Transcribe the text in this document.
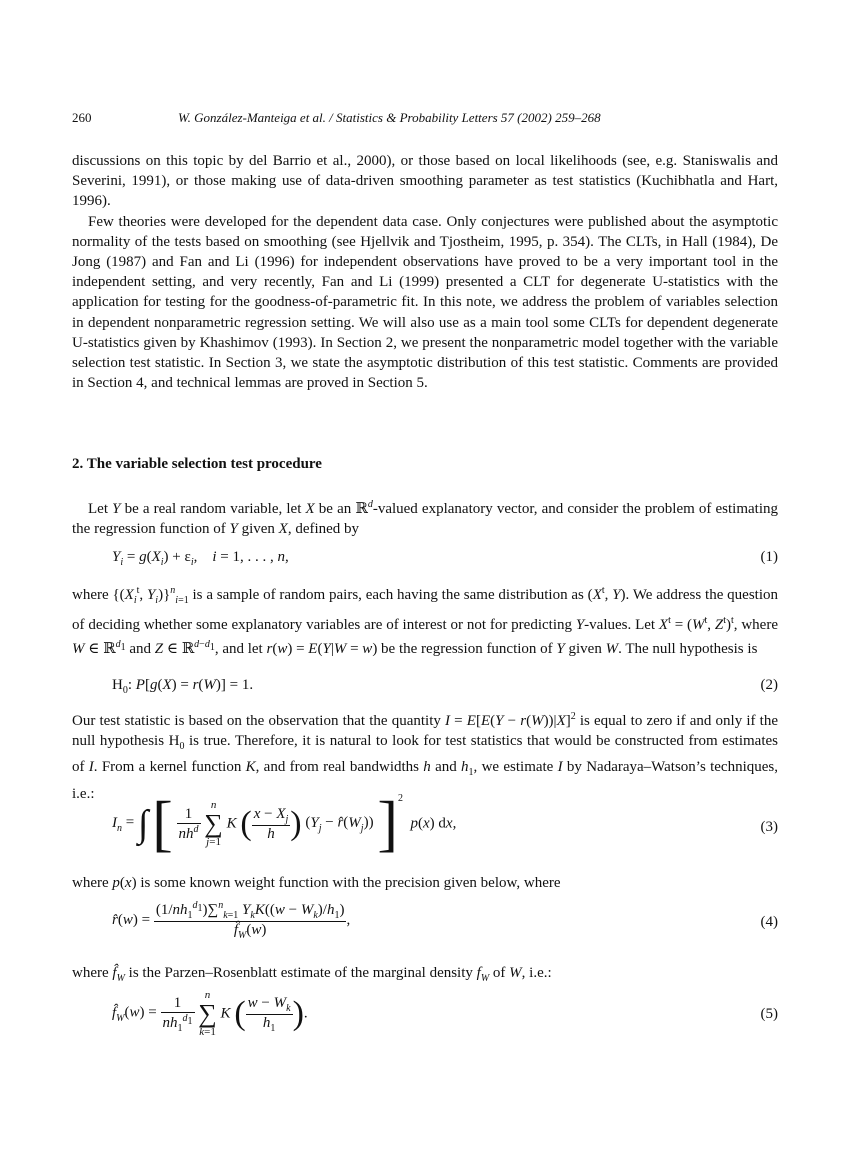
260	W. González-Manteiga et al. / Statistics & Probability Letters 57 (2002) 259–268

discussions on this topic by del Barrio et al., 2000), or those based on local likelihoods (see, e.g. Staniswalis and Severini, 1991), or those making use of data-driven smoothing parameter as test statistics (Kuchibhatla and Hart, 1996).

Few theories were developed for the dependent data case. Only conjectures were published about the asymptotic normality of the tests based on smoothing (see Hjellvik and Tjostheim, 1995, p. 354). The CLTs, in Hall (1984), De Jong (1987) and Fan and Li (1996) for independent observations have proved to be a very important tool in the independent setting, and very recently, Fan and Li (1999) presented a CLT for degenerate U-statistics with the application for testing for the goodness-of-parametric fit. In this note, we address the problem of variables selection in dependent nonparametric regression setting. We will also use as a main tool some CLTs for dependent degenerate U-statistics given by Khashimov (1993). In Section 2, we present the nonparametric model together with the variable selection test statistic. In Section 3, we state the asymptotic distribution of this test statistic. Comments are provided in Section 4, and technical lemmas are proved in Section 5.

2. The variable selection test procedure

Let Y be a real random variable, let X be an ℝ$^d$-valued explanatory vector, and consider the problem of estimating the regression function of Y given X, defined by

$Y_i = g(X_i) + \varepsilon_i$,    i = 1, . . . , n,	(1)
where {($X_i^t$, $Y_i)\}^n_{i=1}$ is a sample of random pairs, each having the same distribution as ($X^t$, Y). We address the question of deciding whether some explanatory variables are of interest or not for predicting Y-values. Let $X^t = (W^t$, $Z^t)^t$, where W ∈ ℝ$^{d_1}$ and Z ∈ ℝ$^{d-d_1}$, and let r(w) = E(Y|W = w) be the regression function of Y given W. The null hypothesis is
$H_0$: P[g(X) = r(W)] = 1.	(2)
Our test statistic is based on the observation that the quantity $I = E[E(Y - r(W))|X]^2$ is equal to zero if and only if the null hypothesis $H_0$ is true. Therefore, it is natural to look for test statistics that would be constructed from estimates of I. From a kernel function K, and from real bandwidths h and $h_1$, we estimate I by Nadaraya–Watson’s techniques, i.e.:
$I_n$ = ∫ [ $\frac{1}{nh^d}$
n
∑
j=1 K ( $\frac{x - X_j}{h}$ ) ($Y_j$ − $r̂(W_j)$) ]$^2$  p(x) dx,	(3)
where p(x) is some known weight function with the precision given below, where
r̂(w) = $\frac{(1/nh_1^{d_1})\sum^n_{k=1} Y_kK((w - W_k)/h_1)}{f̂_W(w)}$ ,	(4)
where $f̂_W$ is the Parzen–Rosenblatt estimate of the marginal density $f_W$ of W, i.e.:
$f̂_W(w) = \frac{1}{nh_1^{d_1}}$ n
∑
k=1 K ( $\frac{w - W_k}{h_1}$ ).	(5)
